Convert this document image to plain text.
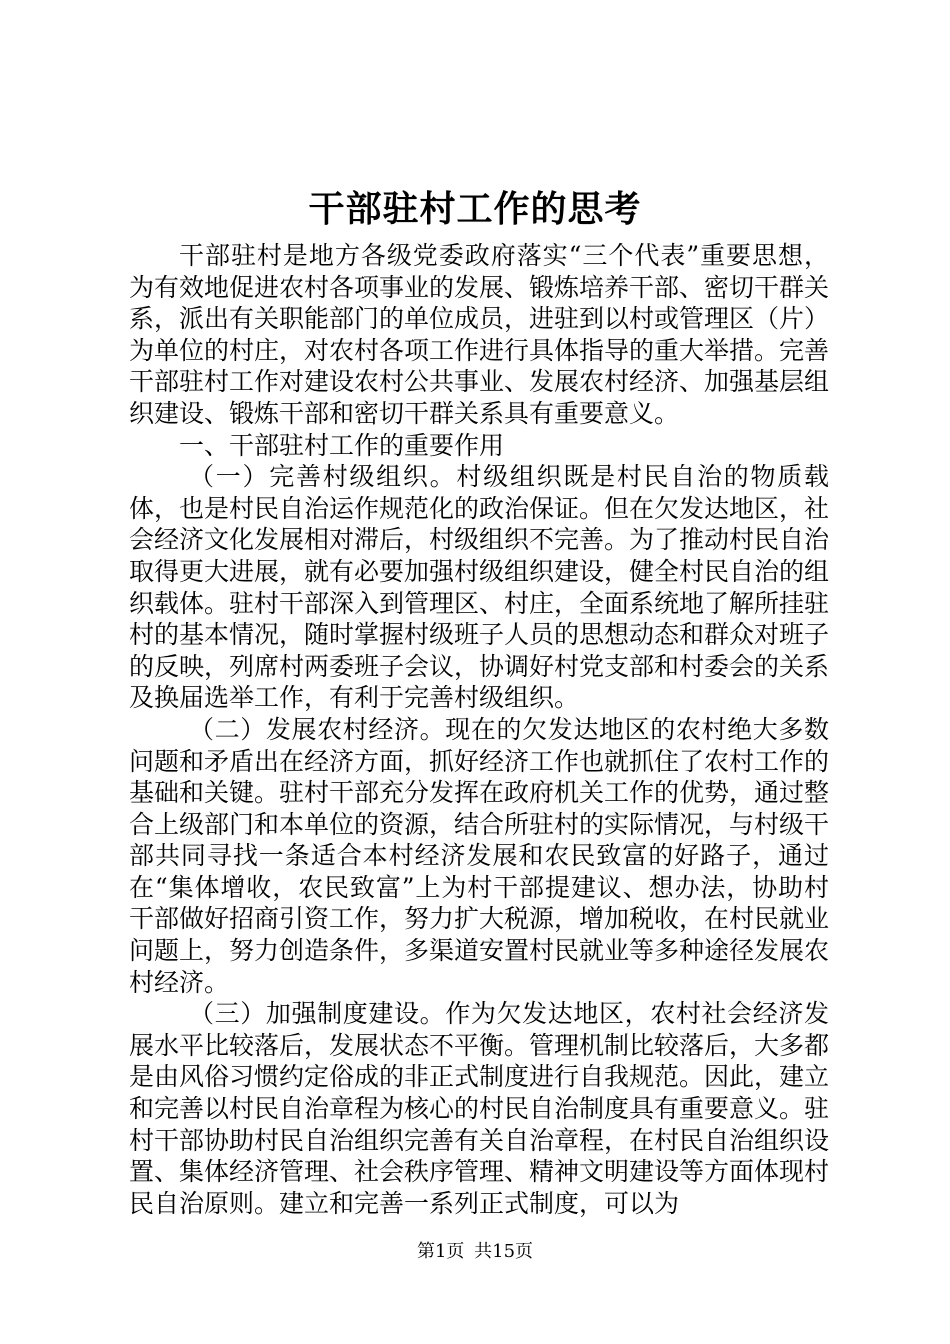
干部驻村工作的思考

干部驻村是地方各级党委政府落实“三个代表”重要思想，为有效地促进农村各项事业的发展、锻炼培养干部、密切干群关系，派出有关职能部门的单位成员，进驻到以村或管理区（片）为单位的村庄，对农村各项工作进行具体指导的重大举措。完善干部驻村工作对建设农村公共事业、发展农村经济、加强基层组织建设、锻炼干部和密切干群关系具有重要意义。

一、干部驻村工作的重要作用

（一）完善村级组织。村级组织既是村民自治的物质载体，也是村民自治运作规范化的政治保证。但在欠发达地区，社会经济文化发展相对滞后，村级组织不完善。为了推动村民自治取得更大进展，就有必要加强村级组织建设，健全村民自治的组织载体。驻村干部深入到管理区、村庄，全面系统地了解所挂驻村的基本情况，随时掌握村级班子人员的思想动态和群众对班子的反映，列席村两委班子会议，协调好村党支部和村委会的关系及换届选举工作，有利于完善村级组织。

（二）发展农村经济。现在的欠发达地区的农村绝大多数问题和矛盾出在经济方面，抓好经济工作也就抓住了农村工作的基础和关键。驻村干部充分发挥在政府机关工作的优势，通过整合上级部门和本单位的资源，结合所驻村的实际情况，与村级干部共同寻找一条适合本村经济发展和农民致富的好路子，通过在“集体增收，农民致富”上为村干部提建议、想办法，协助村干部做好招商引资工作，努力扩大税源，增加税收，在村民就业问题上，努力创造条件，多渠道安置村民就业等多种途径发展农村经济。

（三）加强制度建设。作为欠发达地区，农村社会经济发展水平比较落后，发展状态不平衡。管理机制比较落后，大多都是由风俗习惯约定俗成的非正式制度进行自我规范。因此，建立和完善以村民自治章程为核心的村民自治制度具有重要意义。驻村干部协助村民自治组织完善有关自治章程，在村民自治组织设置、集体经济管理、社会秩序管理、精神文明建设等方面体现村民自治原则。建立和完善一系列正式制度，可以为

第1页 共15页
